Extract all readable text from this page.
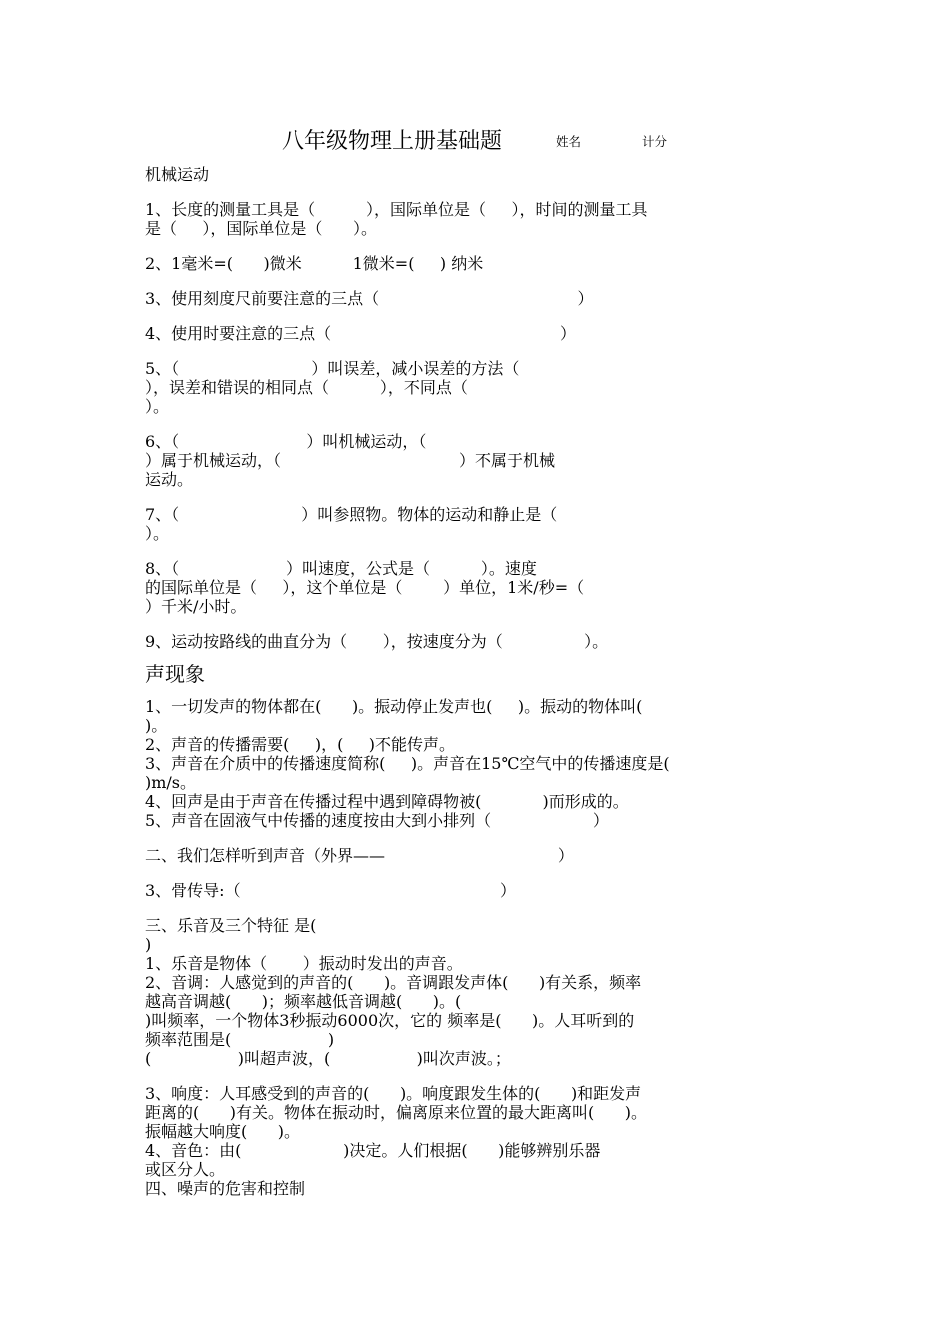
八年级物理上册基础题	姓名	计分

机械运动

1、长度的测量工具是（          ），国际单位是（     ），时间的测量工具

是（     ），国际单位是（      ）。

2、1毫米=(      )微米          1微米=(     ) 纳米

3、使用刻度尺前要注意的三点（                                       ）

4、使用时要注意的三点（                                             ）

5、（                          ）叫误差，减小误差的方法（

），误差和错误的相同点（          ），不同点（

）。

6、（                         ）叫机械运动，（

）属于机械运动，（                                   ）不属于机械

运动。

7、（                        ）叫参照物。物体的运动和静止是（

）。

8、（                     ）叫速度，公式是（          ）。速度

的国际单位是（     ），这个单位是（        ）单位，1米/秒=（

）千米/小时。

9、运动按路线的曲直分为（       ），按速度分为（                ）。

声现象

1、一切发声的物体都在(      )。振动停止发声也(     )。振动的物体叫(

)。

2、声音的传播需要(     )，(     )不能传声。

3、声音在介质中的传播速度简称(     )。声音在15℃空气中的传播速度是(

)m/s。

4、回声是由于声音在传播过程中遇到障碍物被(            )而形成的。

5、声音在固液气中传播的速度按由大到小排列（                    ）

二、我们怎样听到声音（外界——                                  ）

3、骨传导:（                                                   ）

三、乐音及三个特征 是(

)

1、乐音是物体（       ）振动时发出的声音。

2、音调：人感觉到的声音的(      )。音调跟发声体(      )有关系，频率

越高音调越(      )；频率越低音调越(      )。(

)叫频率，一个物体3秒振动6000次，它的 频率是(      )。人耳听到的

频率范围是(                   )

(                 )叫超声波，(                 )叫次声波。；

3、响度：人耳感受到的声音的(      )。响度跟发生体的(      )和距发声

距离的(      )有关。物体在振动时，偏离原来位置的最大距离叫(      )。

振幅越大响度(      )。

4、音色：由(                    )决定。人们根据(      )能够辨别乐器

或区分人。

四、噪声的危害和控制
